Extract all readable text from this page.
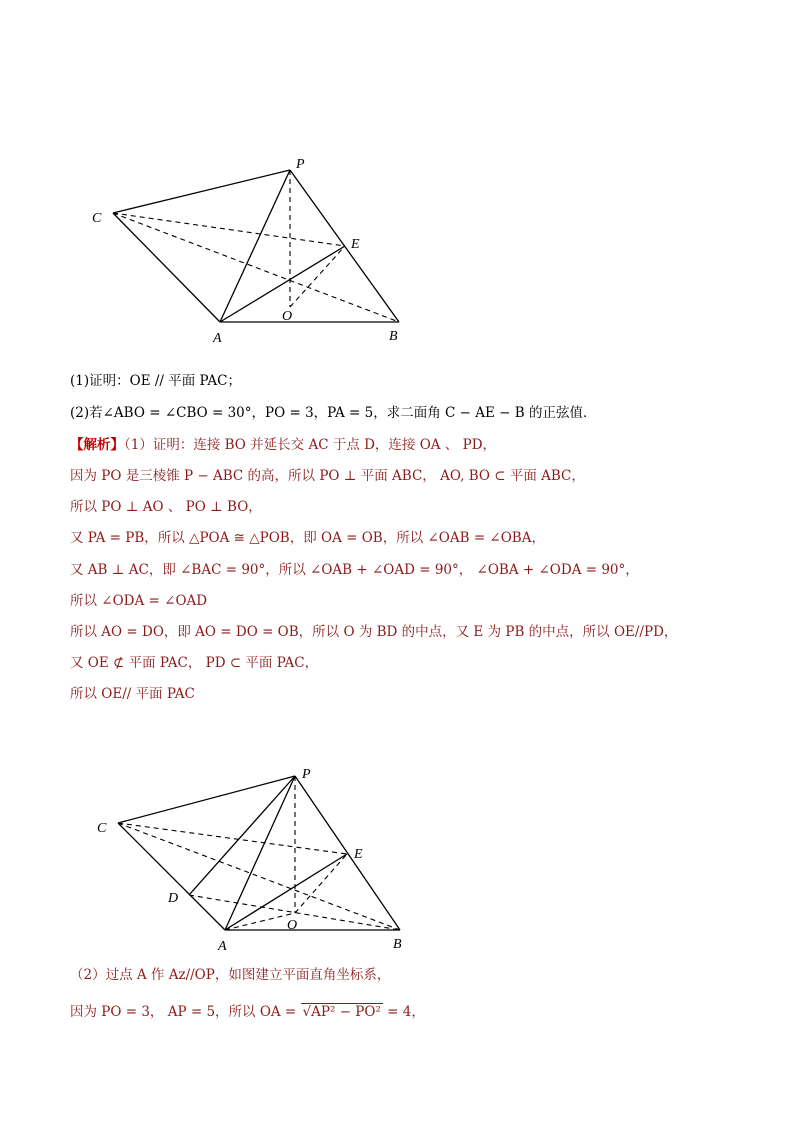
P
C
E
O
A	B
(1)证明：OE // 平面 PAC；
(2)若∠ABO = ∠CBO = 30°，PO = 3，PA = 5，求二面角 C − AE − B 的正弦值．
【解析】（1）证明：连接 BO 并延长交 AC 于点 D，连接 OA 、 PD，
因为 PO 是三棱锥 P − ABC 的高，所以 PO ⊥ 平面 ABC， AO, BO ⊂ 平面 ABC，
所以 PO ⊥ AO 、 PO ⊥ BO，
又 PA = PB，所以 △POA ≅ △POB，即 OA = OB，所以 ∠OAB = ∠OBA，
又 AB ⊥ AC，即 ∠BAC = 90°，所以 ∠OAB + ∠OAD = 90°， ∠OBA + ∠ODA = 90°，
所以 ∠ODA = ∠OAD
所以 AO = DO，即 AO = DO = OB，所以 O 为 BD 的中点，又 E 为 PB 的中点，所以 OE//PD，
又 OE ⊄ 平面 PAC， PD ⊂ 平面 PAC，
所以 OE// 平面 PAC
P
C
E
D
O
A	B
（2）过点 A 作 Az//OP，如图建立平面直角坐标系，
因为 PO = 3， AP = 5，所以 OA = √AP² − PO² = 4，
